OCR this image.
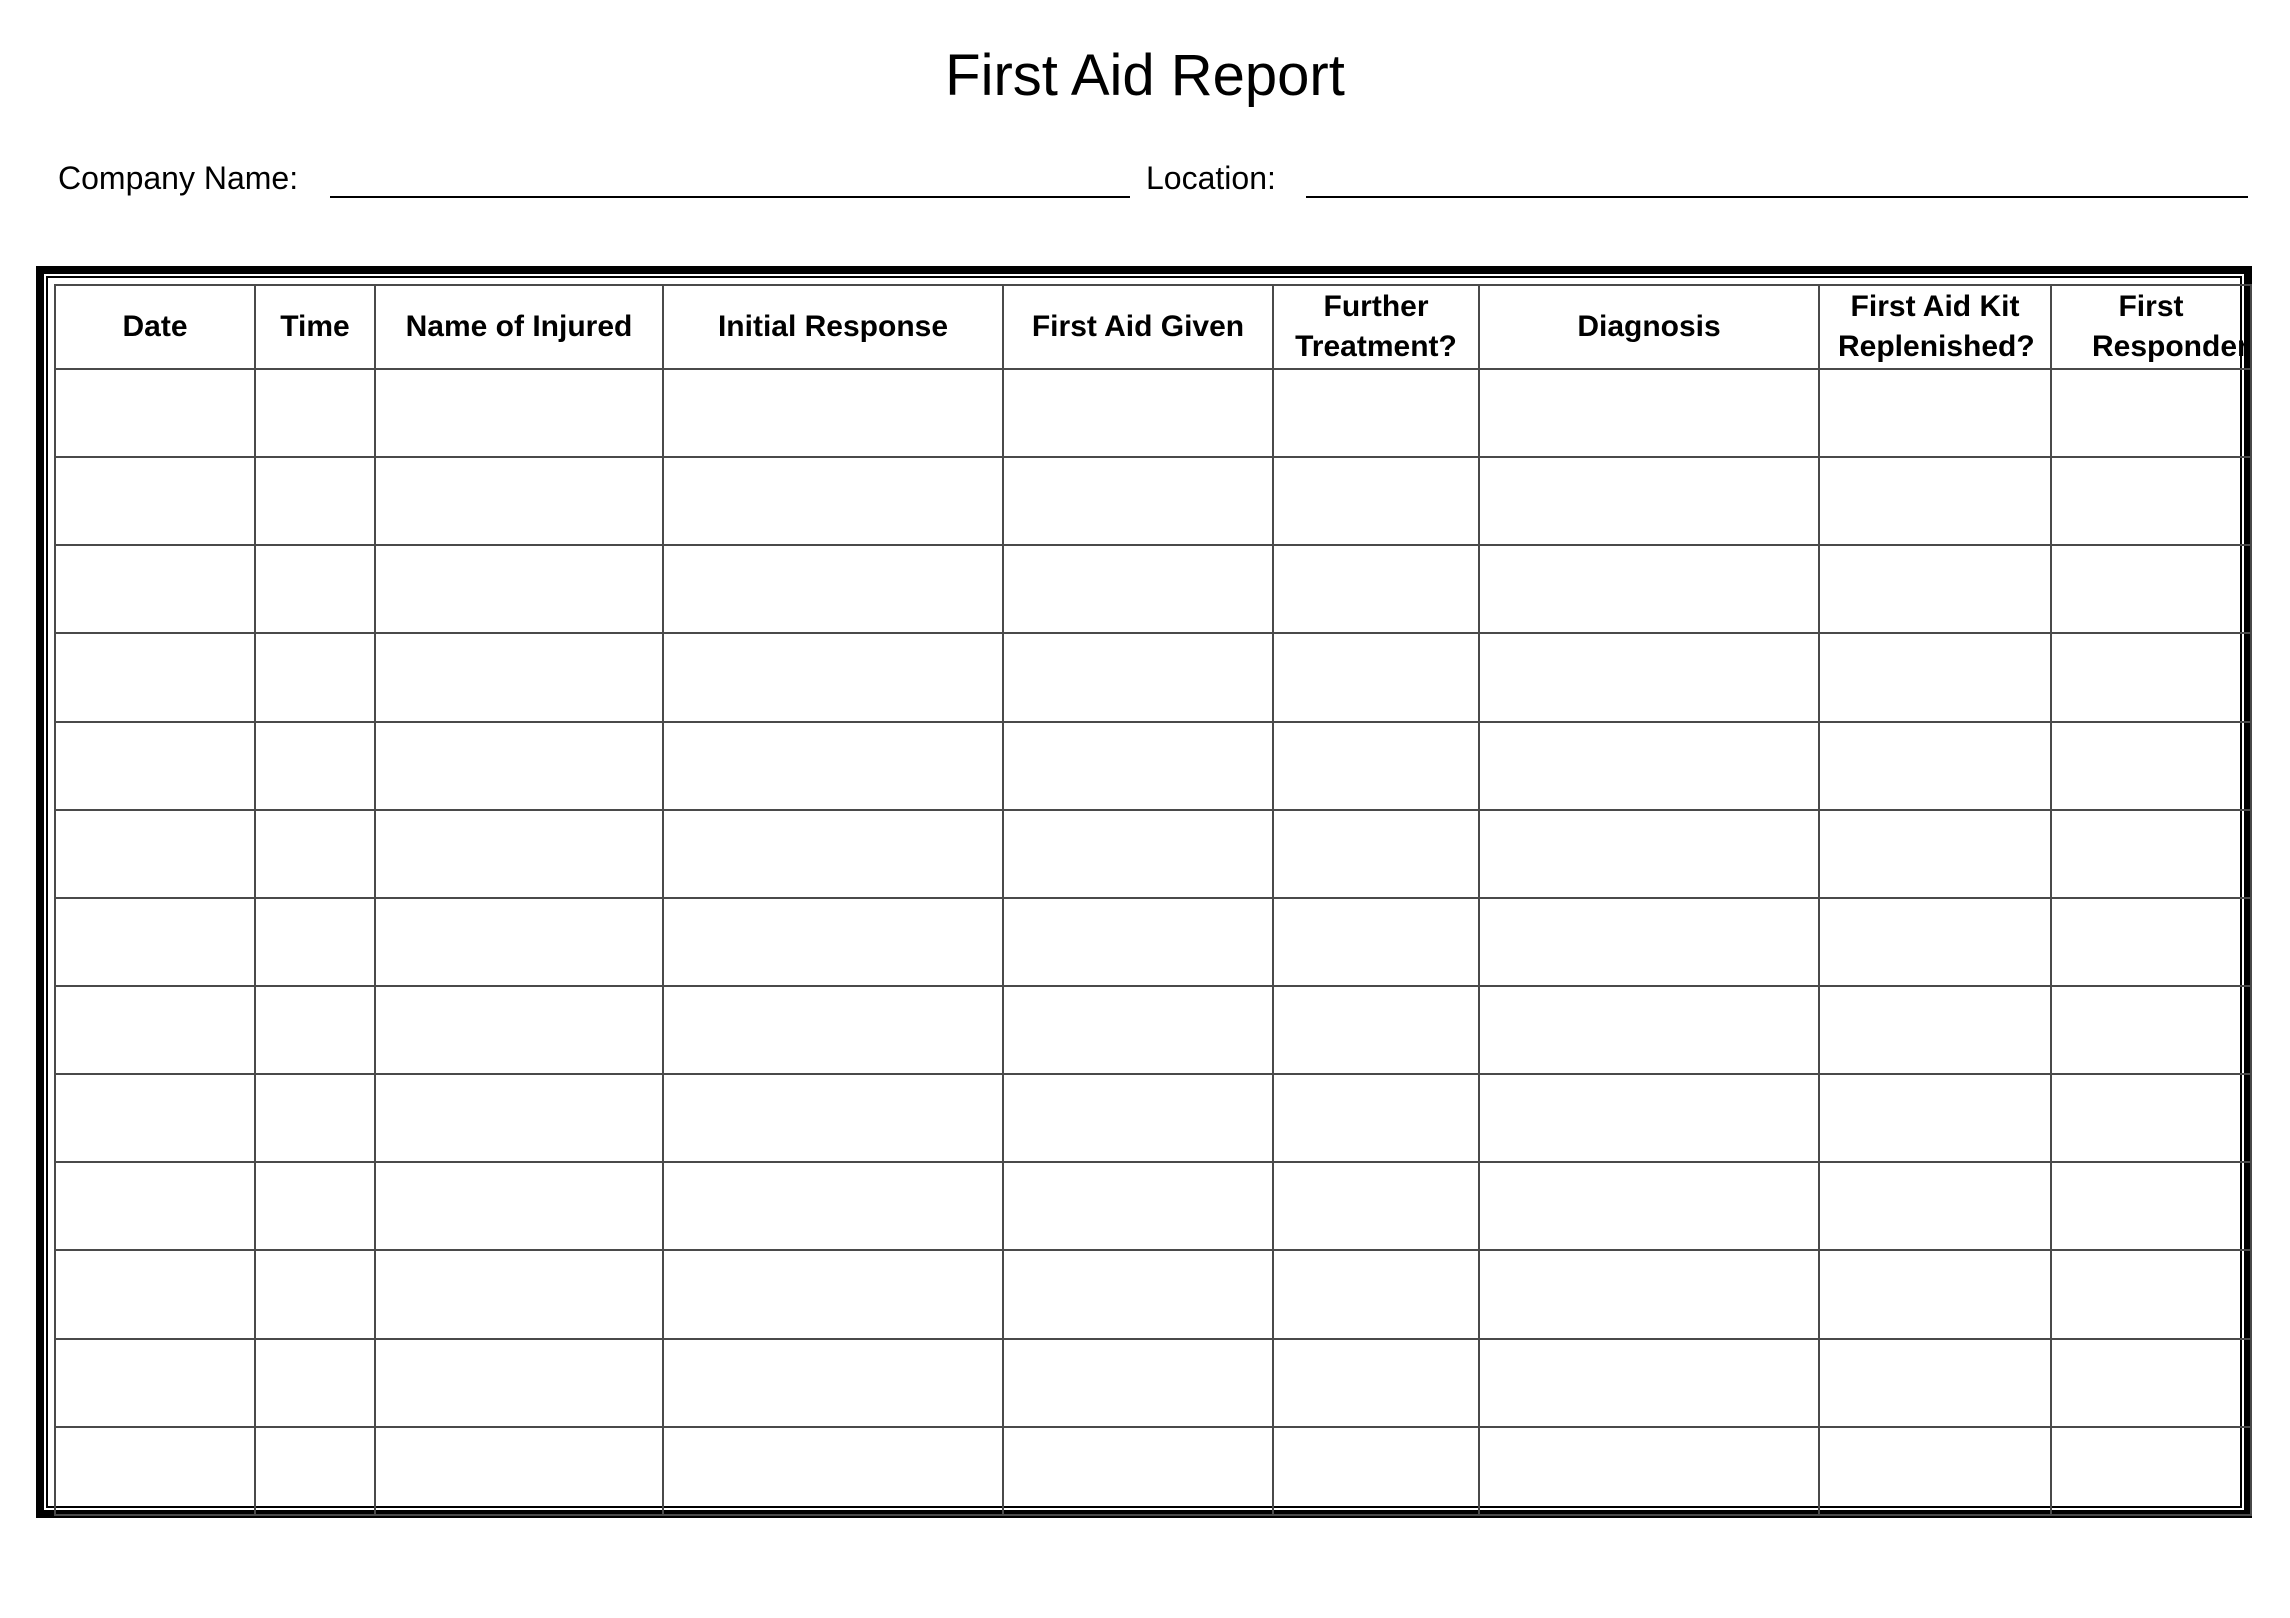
First Aid Report
Company Name:	Location:
Date	Time	Name of Injured	Initial Response	First Aid Given	Further Treatment?	Diagnosis	First Aid Kit Replenished?	First Responder
